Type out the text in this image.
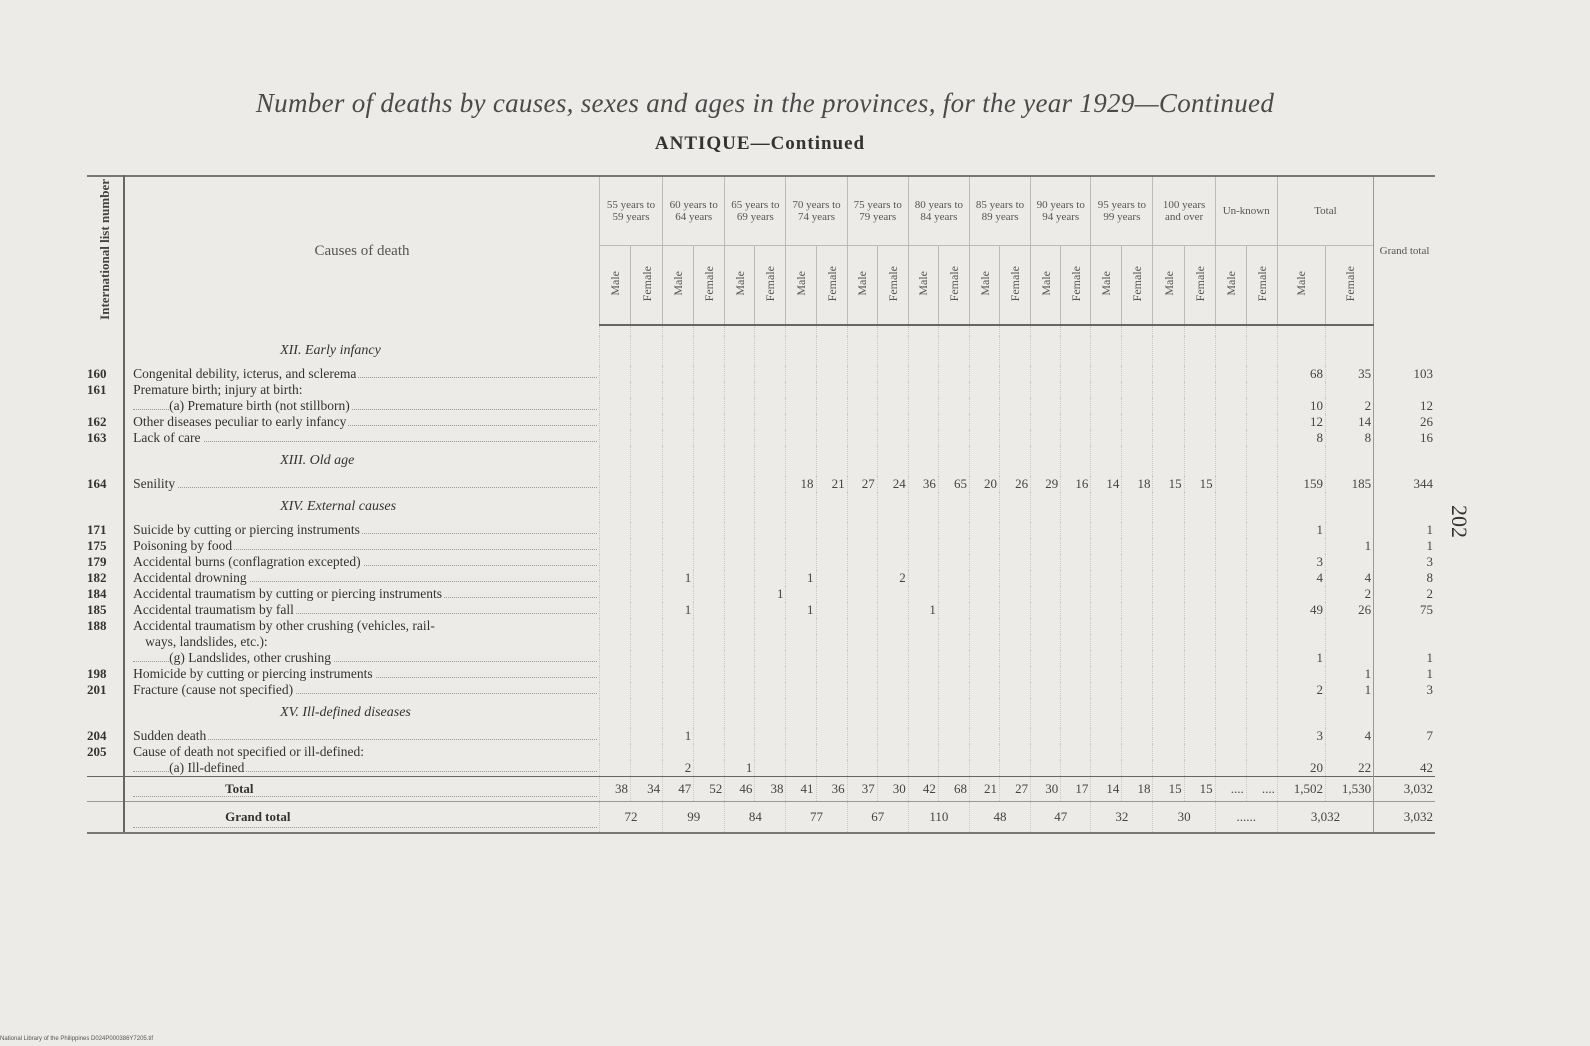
Number of deaths by causes, sexes and ages in the provinces, for the year 1929—Continued
ANTIQUE—Continued
202
International list number	Causes of death	55 years to 59 years		60 years to 64 years		65 years to 69 years		70 years to 74 years		75 years to 79 years		80 years to 84 years		85 years to 89 years		90 years to 94 years		95 years to 99 years		100 years and over		Un-known		Total		Grand total
		Male	Female	Male	Female	Male	Female	Male	Female	Male	Female	Male	Female	Male	Female	Male	Female	Male	Female	Male	Female	Male	Female	Male	Female	

	XII. Early infancy																									
160	Congenital debility, icterus, and sclerema																							68	35	103
161	Premature birth; injury at birth:																									
	(a) Premature birth (not stillborn)																							10	2	12
162	Other diseases peculiar to early infancy																							12	14	26
163	Lack of care																							8	8	16
	XIII. Old age																									
164	Senility							18	21	27	24	36	65	20	26	29	16	14	18	15	15			159	185	344
	XIV. External causes																									
171	Suicide by cutting or piercing instruments																							1		1
175	Poisoning by food																								1	1
179	Accidental burns (conflagration excepted)																							3		3
182	Accidental drowning			1				1			2													4	4	8
184	Accidental traumatism by cutting or piercing instruments						1																		2	2
185	Accidental traumatism by fall			1				1				1												49	26	75
188	Accidental traumatism by other crushing (vehicles, rail-																									
	ways, landslides, etc.):																									
	(g) Landslides, other crushing																							1		1
198	Homicide by cutting or piercing instruments																								1	1
201	Fracture (cause not specified)																							2	1	3
	XV. Ill-defined diseases																									
204	Sudden death			1																				3	4	7
205	Cause of death not specified or ill-defined:																									
	(a) Ill-defined			2		1																		20	22	42
	Total	38	34	47	52	46	38	41	36	37	30	42	68	21	27	30	17	14	18	15	15	....	....	1,502	1,530	3,032
	Grand total	72		99		84		77		67		110		48		47		32		30		......		3,032		3,032
National Library of the Philippines D024P000386Y7205.tif
